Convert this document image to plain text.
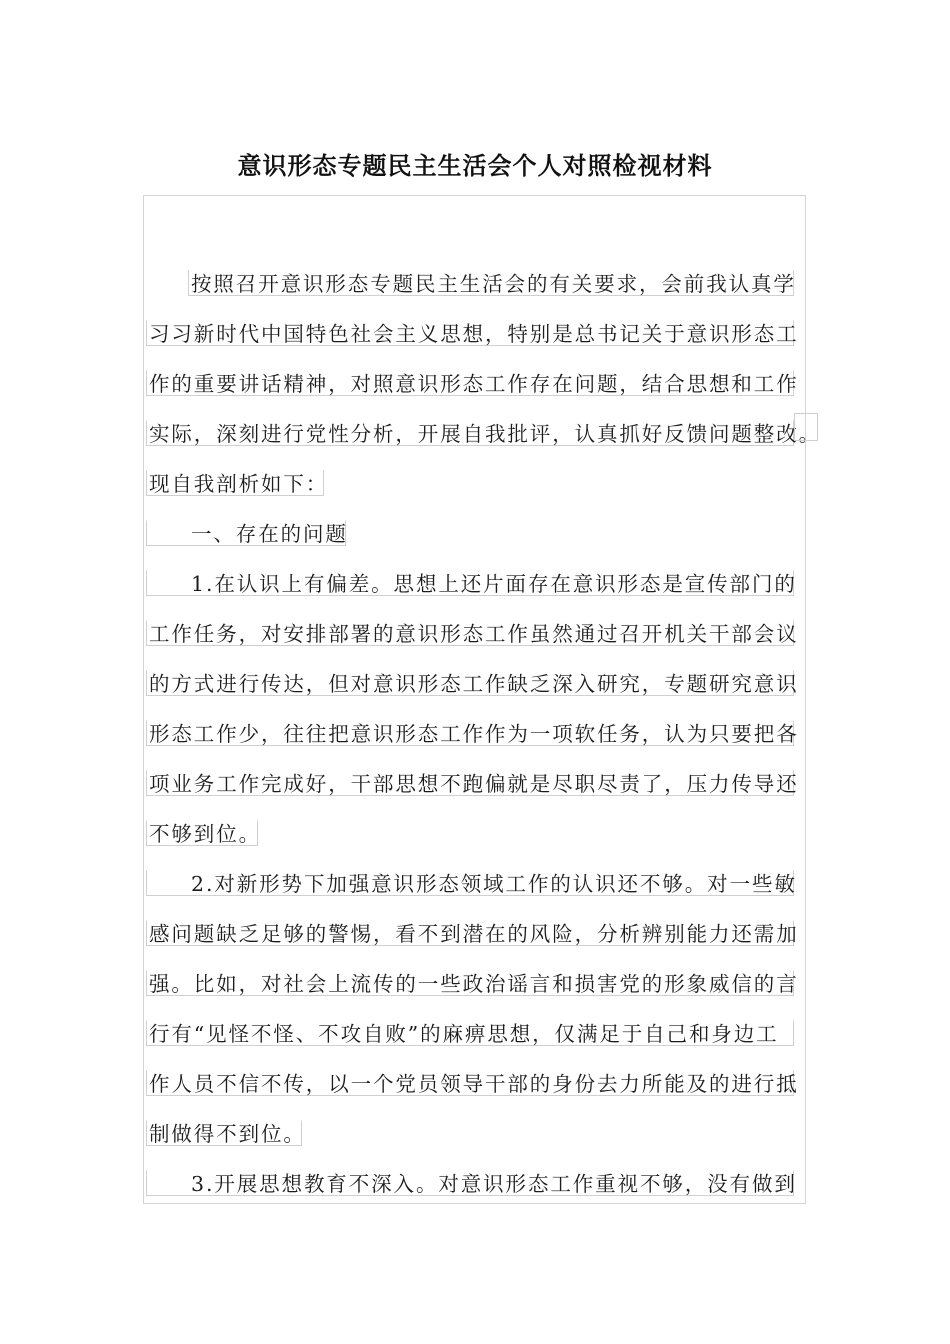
意识形态专题民主生活会个人对照检视材料
按照召开意识形态专题民主生活会的有关要求，会前我认真学
习习新时代中国特色社会主义思想，特别是总书记关于意识形态工
作的重要讲话精神，对照意识形态工作存在问题，结合思想和工作
实际，深刻进行党性分析，开展自我批评，认真抓好反馈问题整改。
现自我剖析如下：
一、存在的问题
1.在认识上有偏差。思想上还片面存在意识形态是宣传部门的
工作任务，对安排部署的意识形态工作虽然通过召开机关干部会议
的方式进行传达，但对意识形态工作缺乏深入研究，专题研究意识
形态工作少，往往把意识形态工作作为一项软任务，认为只要把各
项业务工作完成好，干部思想不跑偏就是尽职尽责了，压力传导还
不够到位。
2.对新形势下加强意识形态领域工作的认识还不够。对一些敏
感问题缺乏足够的警惕，看不到潜在的风险，分析辨别能力还需加
强。比如，对社会上流传的一些政治谣言和损害党的形象威信的言
行有“见怪不怪、不攻自败”的麻痹思想，仅满足于自己和身边工
作人员不信不传，以一个党员领导干部的身份去力所能及的进行抵
制做得不到位。
3.开展思想教育不深入。对意识形态工作重视不够，没有做到
